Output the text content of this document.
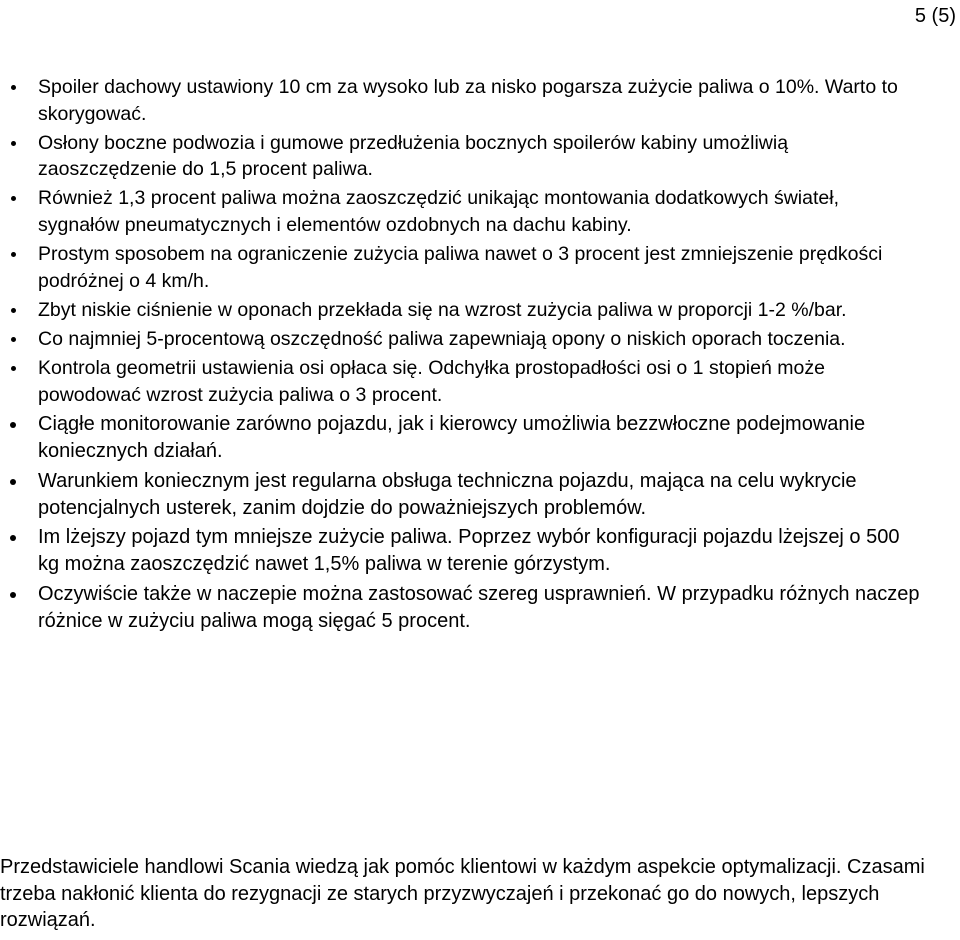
5 (5)
Spoiler dachowy ustawiony 10 cm za wysoko lub za nisko pogarsza zużycie paliwa o 10%. Warto to skorygować.
Osłony boczne podwozia i gumowe przedłużenia bocznych spoilerów kabiny umożliwią zaoszczędzenie do 1,5 procent paliwa.
Również 1,3 procent paliwa można zaoszczędzić unikając montowania dodatkowych świateł, sygnałów pneumatycznych i elementów ozdobnych na dachu kabiny.
Prostym sposobem na ograniczenie zużycia paliwa nawet o 3 procent jest zmniejszenie prędkości podróżnej o 4 km/h.
Zbyt niskie ciśnienie w oponach przekłada się na wzrost zużycia paliwa w proporcji 1-2 %/bar.
Co najmniej 5-procentową oszczędność paliwa zapewniają opony o niskich oporach toczenia.
Kontrola geometrii ustawienia osi opłaca się. Odchyłka prostopadłości osi o 1 stopień może powodować wzrost zużycia paliwa o 3 procent.
Ciągłe monitorowanie zarówno pojazdu, jak i kierowcy umożliwia bezzwłoczne podejmowanie koniecznych działań.
Warunkiem koniecznym jest regularna obsługa techniczna pojazdu, mająca na celu wykrycie potencjalnych usterek, zanim dojdzie do poważniejszych problemów.
Im lżejszy pojazd tym mniejsze zużycie paliwa. Poprzez wybór konfiguracji pojazdu lżejszej o 500 kg można zaoszczędzić nawet 1,5% paliwa w terenie górzystym.
Oczywiście także w naczepie można zastosować szereg usprawnień. W przypadku różnych naczep różnice w zużyciu paliwa mogą sięgać 5 procent.

Przedstawiciele handlowi Scania wiedzą jak pomóc klientowi w każdym aspekcie optymalizacji. Czasami trzeba nakłonić klienta do rezygnacji ze starych przyzwyczajeń i przekonać go do nowych, lepszych rozwiązań.
